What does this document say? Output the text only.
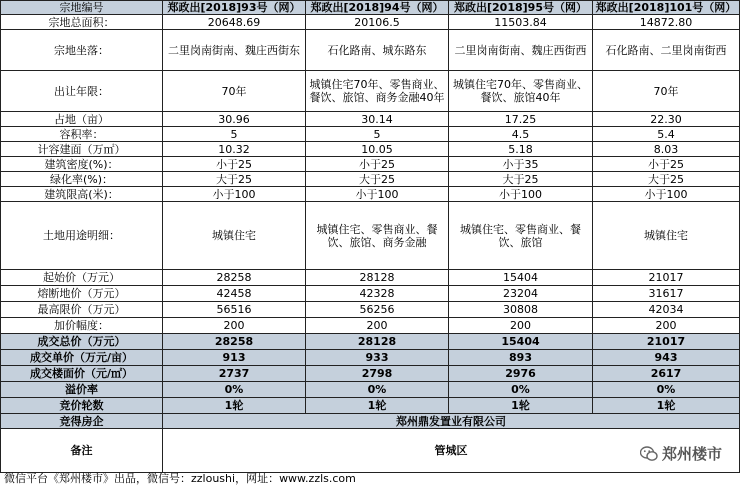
宗地编号	郑政出[2018]93号（网）	郑政出[2018]94号（网）	郑政出[2018]95号（网）	郑政出[2018]101号（网）
宗地总面积：	20648.69	20106.5	11503.84	14872.80
宗地坐落：	二里岗南街南、魏庄西街东	石化路南、城东路东	二里岗南街南、魏庄西街西	石化路南、二里岗南街西
出让年限：	70年	城镇住宅70年、零售商业、餐饮、旅馆、商务金融40年	城镇住宅70年、零售商业、餐饮、旅馆40年	70年
占地（亩）	30.96	30.14	17.25	22.30
容积率：	5	5	4.5	5.4
计容建面（万㎡）	10.32	10.05	5.18	8.03
建筑密度(%)：	小于25	小于25	小于35	小于25
绿化率(%)：	大于25	大于25	大于25	大于25
建筑限高(米)：	小于100	小于100	小于100	小于100
土地用途明细：	城镇住宅	城镇住宅、零售商业、餐饮、旅馆、商务金融	城镇住宅、零售商业、餐饮、旅馆	城镇住宅
起始价（万元）	28258	28128	15404	21017
熔断地价（万元）	42458	42328	23204	31617
最高限价（万元）	56516	56256	30808	42034
加价幅度：	200	200	200	200
成交总价（万元）	28258	28128	15404	21017
成交单价（万元/亩）	913	933	893	943
成交楼面价（元/㎡）	2737	2798	2976	2617
溢价率	0%	0%	0%	0%
竞价轮数	1轮	1轮	1轮	1轮
竞得房企	郑州鼎发置业有限公司			
备注	管城区				郑州楼市
微信平台《郑州楼市》出品，微信号：zzloushi，网址：www.zzls.com
